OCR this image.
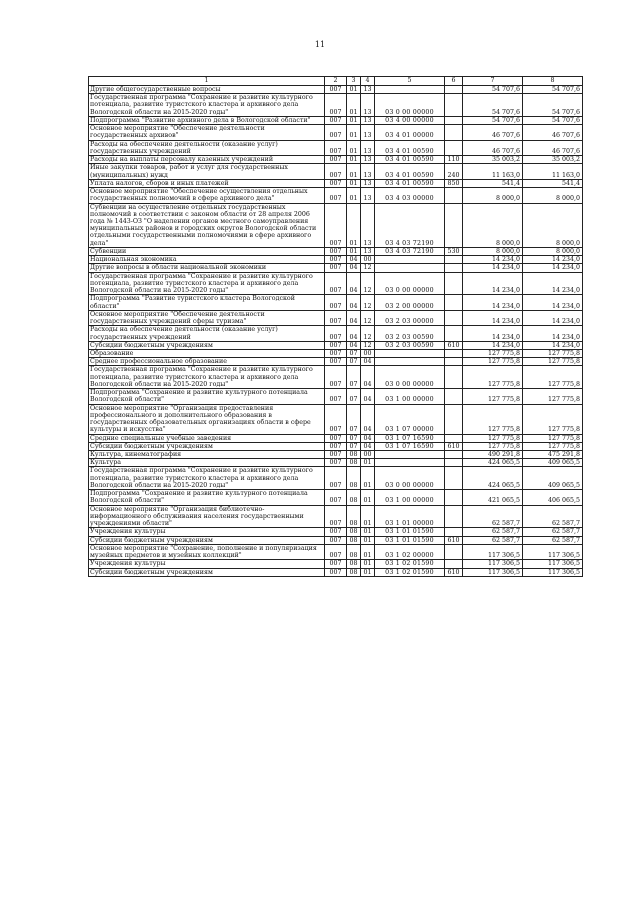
11
1	2	3	4	5	6	7	8
Другие общегосударственные вопросы	007	01	13			54 707,6	54 707,6
Государственная программа "Сохранение и развитие культурного потенциала, развитие туристского кластера и архивного дела Вологодской области на 2015-2020 годы"	007	01	13	03 0 00 00000		54 707,6	54 707,6
Подпрограмма "Развитие архивного дела в Вологодской области"	007	01	13	03 4 00 00000		54 707,6	54 707,6
Основное мероприятие "Обеспечение деятельности государственных архивов"	007	01	13	03 4 01 00000		46 707,6	46 707,6
Расходы на обеспечение деятельности (оказание услуг) государственных учреждений	007	01	13	03 4 01 00590		46 707,6	46 707,6
Расходы на выплаты персоналу казенных учреждений	007	01	13	03 4 01 00590	110	35 003,2	35 003,2
Иные закупки товаров, работ и услуг для государственных (муниципальных) нужд	007	01	13	03 4 01 00590	240	11 163,0	11 163,0
Уплата налогов, сборов и иных платежей	007	01	13	03 4 01 00590	850	541,4	541,4
Основное мероприятие "Обеспечение осуществления отдельных государственных полномочий в сфере архивного дела"	007	01	13	03 4 03 00000		8 000,0	8 000,0
Субвенции на осуществление отдельных государственных полномочий в соответствии с законом области от 28 апреля 2006 года № 1443-ОЗ "О наделении органов местного самоуправления муниципальных районов и городских округов Вологодской области отдельными государственными полномочиями в сфере архивного дела"	007	01	13	03 4 03 72190		8 000,0	8 000,0
Субвенции	007	01	13	03 4 03 72190	530	8 000,0	8 000,0
Национальная экономика	007	04	00			14 234,0	14 234,0
Другие вопросы в области национальной экономики	007	04	12			14 234,0	14 234,0
Государственная программа "Сохранение и развитие культурного потенциала, развитие туристского кластера и архивного дела Вологодской области на 2015-2020 годы"	007	04	12	03 0 00 00000		14 234,0	14 234,0
Подпрограмма "Развитие туристского кластера Вологодской области"	007	04	12	03 2 00 00000		14 234,0	14 234,0
Основное мероприятие "Обеспечение деятельности государственных учреждений сферы туризма"	007	04	12	03 2 03 00000		14 234,0	14 234,0
Расходы на обеспечение деятельности (оказание услуг) государственных учреждений	007	04	12	03 2 03 00590		14 234,0	14 234,0
Субсидии бюджетным учреждениям	007	04	12	03 2 03 00590	610	14 234,0	14 234,0
Образование	007	07	00			127 775,8	127 775,8
Среднее профессиональное образование	007	07	04			127 775,8	127 775,8
Государственная программа "Сохранение и развитие культурного потенциала, развитие туристского кластера и архивного дела Вологодской области на 2015-2020 годы"	007	07	04	03 0 00 00000		127 775,8	127 775,8
Подпрограмма "Сохранение и развитие культурного потенциала Вологодской области"	007	07	04	03 1 00 00000		127 775,8	127 775,8
Основное мероприятие "Организация предоставления профессионального и дополнительного образования в государственных образовательных организациях области в сфере культуры и искусства"	007	07	04	03 1 07 00000		127 775,8	127 775,8
Средние специальные учебные заведения	007	07	04	03 1 07 16590		127 775,8	127 775,8
Субсидии бюджетным учреждениям	007	07	04	03 1 07 16590	610	127 775,8	127 775,8
Культура, кинематография	007	08	00			490 291,8	475 291,8
Культура	007	08	01			424 065,5	409 065,5
Государственная программа "Сохранение и развитие культурного потенциала, развитие туристского кластера и архивного дела Вологодской области на 2015-2020 годы"	007	08	01	03 0 00 00000		424 065,5	409 065,5
Подпрограмма "Сохранение и развитие культурного потенциала Вологодской области"	007	08	01	03 1 00 00000		421 065,5	406 065,5
Основное мероприятие "Организация библиотечно-информационного обслуживания населения государственными учреждениями области"	007	08	01	03 1 01 00000		62 587,7	62 587,7
Учреждения культуры	007	08	01	03 1 01 01590		62 587,7	62 587,7
Субсидии бюджетным учреждениям	007	08	01	03 1 01 01590	610	62 587,7	62 587,7
Основное мероприятие "Сохранение, пополнение и популяризация музейных предметов и музейных коллекций"	007	08	01	03 1 02 00000		117 306,5	117 306,5
Учреждения культуры	007	08	01	03 1 02 01590		117 306,5	117 306,5
Субсидии бюджетным учреждениям	007	08	01	03 1 02 01590	610	117 306,5	117 306,5
